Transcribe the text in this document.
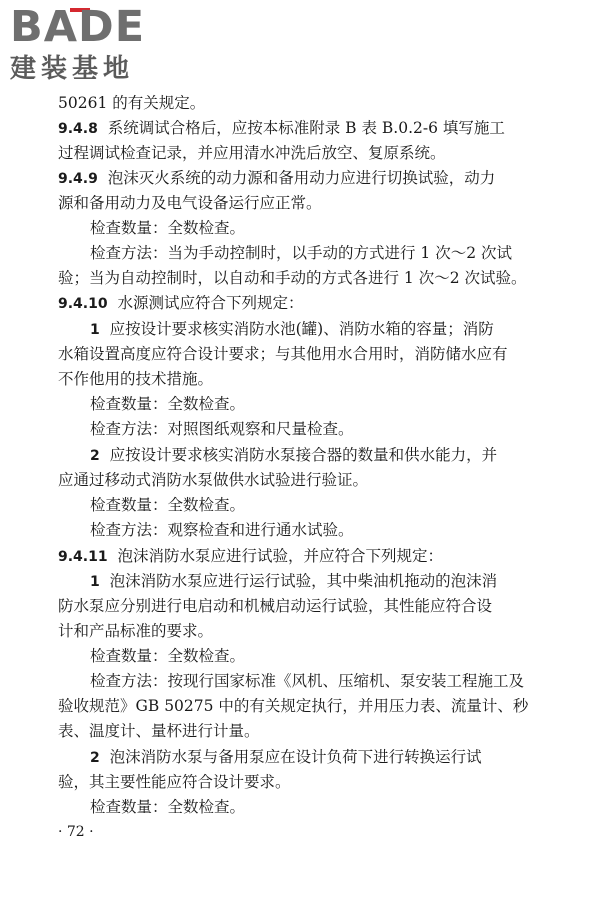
BADE
建装基地
50261 的有关规定。
9.4.8 系统调试合格后，应按本标准附录 B 表 B.0.2-6 填写施工
过程调试检查记录，并应用清水冲洗后放空、复原系统。
9.4.9 泡沫灭火系统的动力源和备用动力应进行切换试验，动力
源和备用动力及电气设备运行应正常。
检查数量：全数检查。
检查方法：当为手动控制时，以手动的方式进行 1 次～2 次试
验；当为自动控制时，以自动和手动的方式各进行 1 次～2 次试验。
9.4.10 水源测试应符合下列规定：
1 应按设计要求核实消防水池(罐)、消防水箱的容量；消防
水箱设置高度应符合设计要求；与其他用水合用时，消防储水应有
不作他用的技术措施。
检查数量：全数检查。
检查方法：对照图纸观察和尺量检查。
2 应按设计要求核实消防水泵接合器的数量和供水能力，并
应通过移动式消防水泵做供水试验进行验证。
检查数量：全数检查。
检查方法：观察检查和进行通水试验。
9.4.11 泡沫消防水泵应进行试验，并应符合下列规定：
1 泡沫消防水泵应进行运行试验，其中柴油机拖动的泡沫消
防水泵应分别进行电启动和机械启动运行试验，其性能应符合设
计和产品标准的要求。
检查数量：全数检查。
检查方法：按现行国家标准《风机、压缩机、泵安装工程施工及
验收规范》GB 50275 中的有关规定执行，并用压力表、流量计、秒
表、温度计、量杯进行计量。
2 泡沫消防水泵与备用泵应在设计负荷下进行转换运行试
验，其主要性能应符合设计要求。
检查数量：全数检查。
· 72 ·
